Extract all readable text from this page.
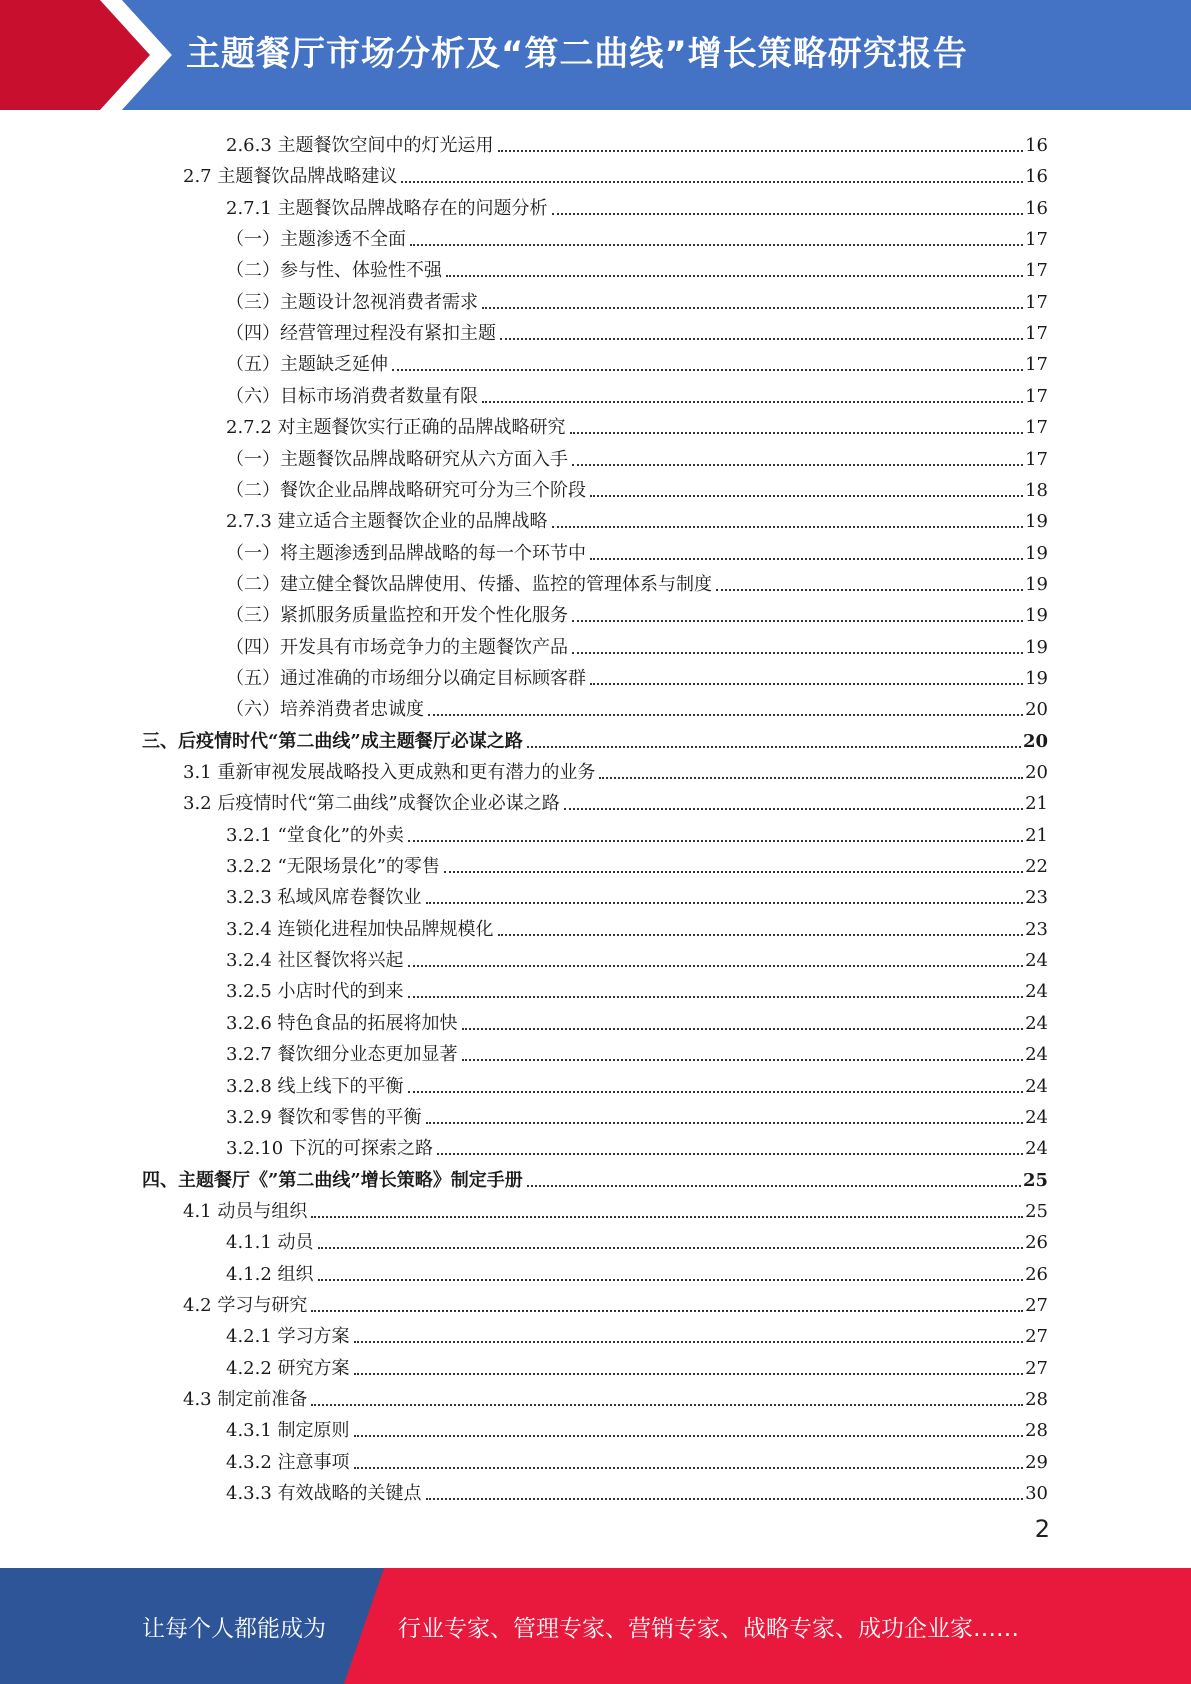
主题餐厅市场分析及“第二曲线”增长策略研究报告
2.6.3 主题餐饮空间中的灯光运用	16
2.7 主题餐饮品牌战略建议	16
2.7.1 主题餐饮品牌战略存在的问题分析	16
（一）主题渗透不全面	17
（二）参与性、体验性不强	17
（三）主题设计忽视消费者需求	17
（四）经营管理过程没有紧扣主题	17
（五）主题缺乏延伸	17
（六）目标市场消费者数量有限	17
2.7.2 对主题餐饮实行正确的品牌战略研究	17
（一）主题餐饮品牌战略研究从六方面入手	17
（二）餐饮企业品牌战略研究可分为三个阶段	18
2.7.3 建立适合主题餐饮企业的品牌战略	19
（一）将主题渗透到品牌战略的每一个环节中	19
（二）建立健全餐饮品牌使用、传播、监控的管理体系与制度	19
（三）紧抓服务质量监控和开发个性化服务	19
（四）开发具有市场竞争力的主题餐饮产品	19
（五）通过准确的市场细分以确定目标顾客群	19
（六）培养消费者忠诚度	20
三、后疫情时代“第二曲线”成主题餐厅必谋之路	20
3.1 重新审视发展战略投入更成熟和更有潜力的业务	20
3.2 后疫情时代“第二曲线”成餐饮企业必谋之路	21
3.2.1 “堂食化”的外卖	21
3.2.2 “无限场景化”的零售	22
3.2.3 私域风席卷餐饮业	23
3.2.4 连锁化进程加快品牌规模化	23
3.2.4 社区餐饮将兴起	24
3.2.5 小店时代的到来	24
3.2.6 特色食品的拓展将加快	24
3.2.7 餐饮细分业态更加显著	24
3.2.8 线上线下的平衡	24
3.2.9 餐饮和零售的平衡	24
3.2.10 下沉的可探索之路	24
四、主题餐厅《”第二曲线”增长策略》制定手册	25
4.1 动员与组织	25
4.1.1 动员	26
4.1.2 组织	26
4.2 学习与研究	27
4.2.1 学习方案	27
4.2.2 研究方案	27
4.3 制定前准备	28
4.3.1 制定原则	28
4.3.2 注意事项	29
4.3.3 有效战略的关键点	30
2
让每个人都能成为	行业专家、管理专家、营销专家、战略专家、成功企业家……
